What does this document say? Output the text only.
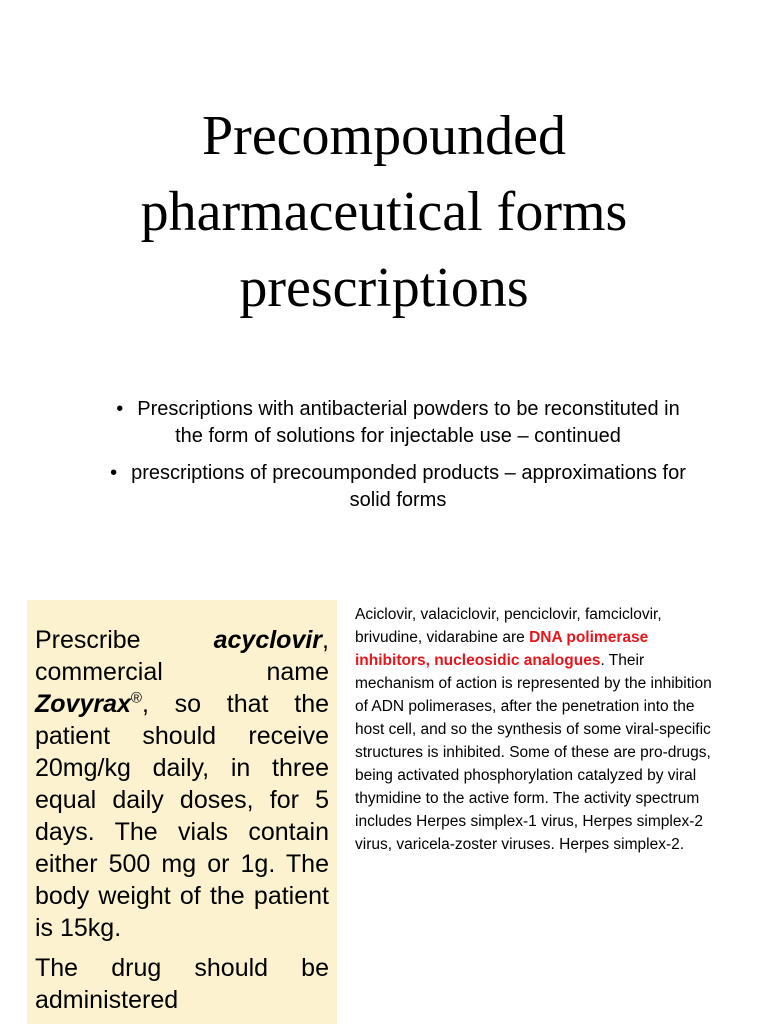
Precompounded pharmaceutical forms prescriptions
• Prescriptions with antibacterial powders to be reconstituted in the form of solutions for injectable use – continued
• prescriptions of precoumponded products – approximations for solid forms

Prescribe acyclovir, commercial name Zovyrax®, so that the patient should receive 20mg/kg daily, in three equal daily doses, for 5 days. The vials contain either 500 mg or 1g. The body weight of the patient is 15kg.

The drug should be administered

Aciclovir, valaciclovir, penciclovir, famciclovir, brivudine, vidarabine are DNA polimerase inhibitors, nucleosidic analogues. Their mechanism of action is represented by the inhibition of ADN polimerases, after the penetration into the host cell, and so the synthesis of some viral-specific structures is inhibited. Some of these are pro-drugs, being activated phosphorylation catalyzed by viral thymidine to the active form. The activity spectrum includes Herpes simplex-1 virus, Herpes simplex-2 virus, varicela-zoster viruses. Herpes simplex-2.
